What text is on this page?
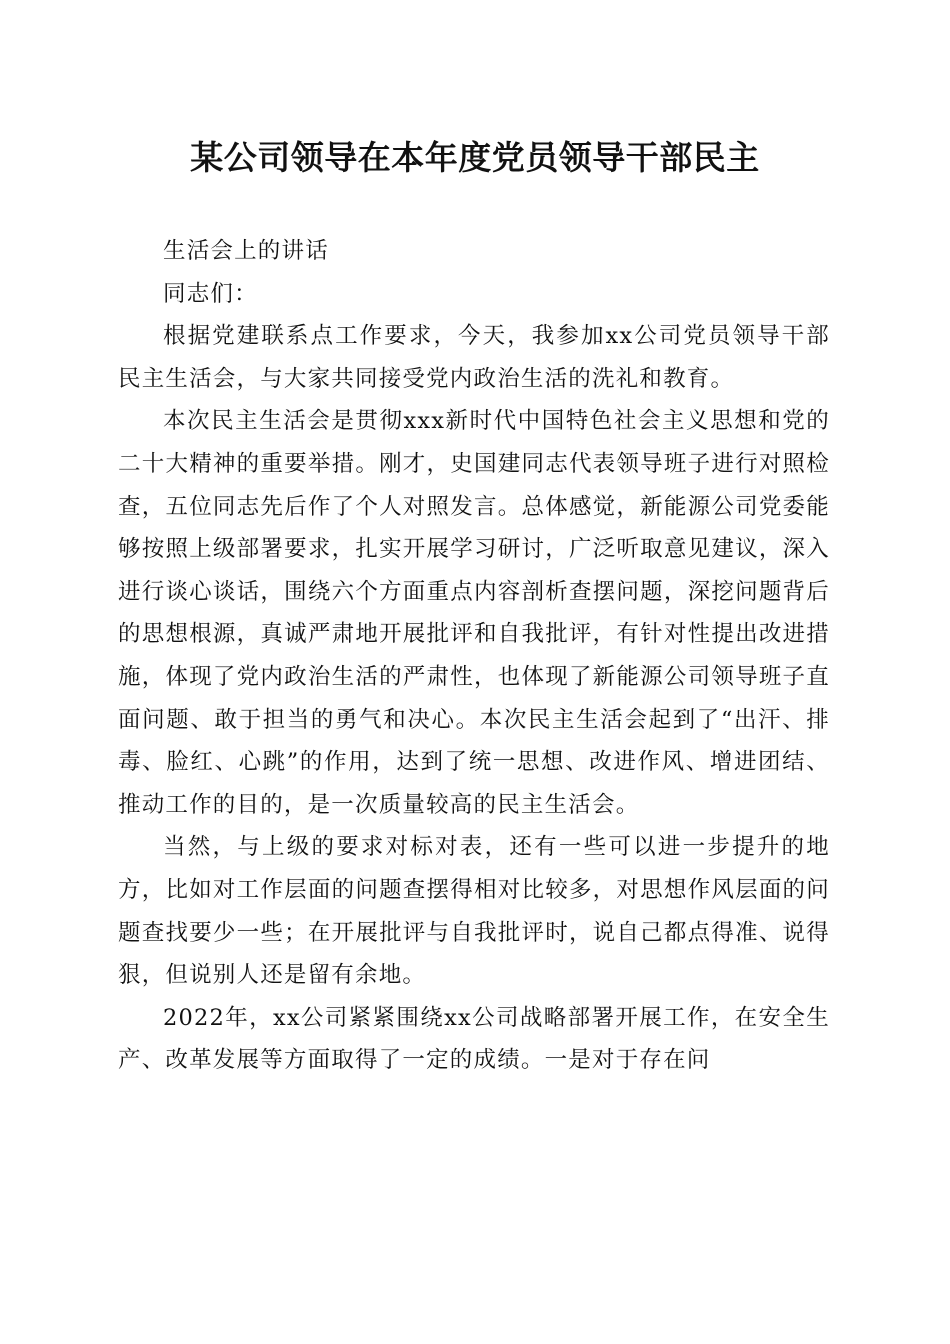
某公司领导在本年度党员领导干部民主

生活会上的讲话

同志们：

根据党建联系点工作要求，今天，我参加xx公司党员领导干部民主生活会，与大家共同接受党内政治生活的洗礼和教育。

本次民主生活会是贯彻xxx新时代中国特色社会主义思想和党的二十大精神的重要举措。刚才，史国建同志代表领导班子进行对照检查，五位同志先后作了个人对照发言。总体感觉，新能源公司党委能够按照上级部署要求，扎实开展学习研讨，广泛听取意见建议，深入进行谈心谈话，围绕六个方面重点内容剖析查摆问题，深挖问题背后的思想根源，真诚严肃地开展批评和自我批评，有针对性提出改进措施，体现了党内政治生活的严肃性，也体现了新能源公司领导班子直面问题、敢于担当的勇气和决心。本次民主生活会起到了“出汗、排毒、脸红、心跳”的作用，达到了统一思想、改进作风、增进团结、推动工作的目的，是一次质量较高的民主生活会。

当然，与上级的要求对标对表，还有一些可以进一步提升的地方，比如对工作层面的问题查摆得相对比较多，对思想作风层面的问题查找要少一些；在开展批评与自我批评时，说自己都点得准、说得狠，但说别人还是留有余地。

2022年，xx公司紧紧围绕xx公司战略部署开展工作，在安全生产、改革发展等方面取得了一定的成绩。一是对于存在问
